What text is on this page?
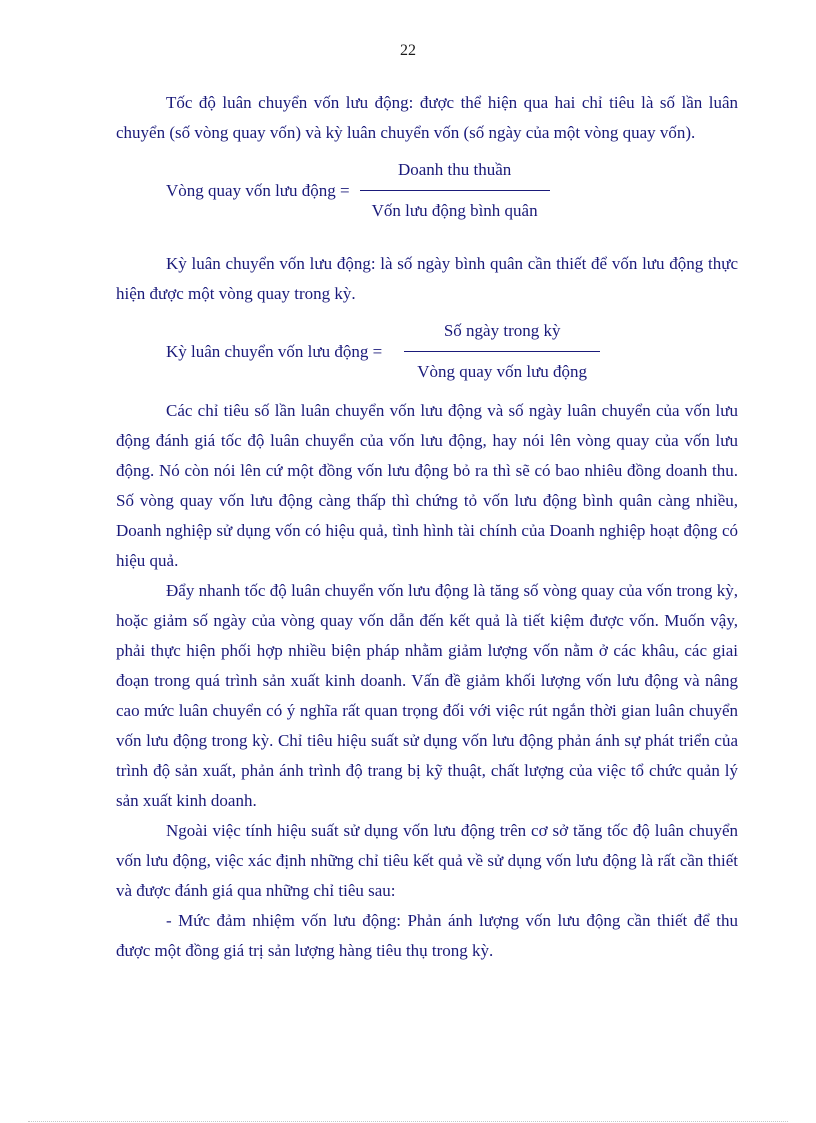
22

Tốc độ luân chuyển vốn lưu động: được thể hiện qua hai chỉ tiêu là số lần luân chuyển (số vòng quay vốn) và kỳ luân chuyển vốn (số ngày của một vòng quay vốn).

Vòng quay vốn lưu động = $\frac{\text{Doanh thu thuần}}{\text{Vốn lưu động bình quân}}$

Kỳ luân chuyển vốn lưu động: là số ngày bình quân cần thiết để vốn lưu động thực hiện được một vòng quay trong kỳ.

Kỳ luân chuyển vốn lưu động = $\frac{\text{Số ngày trong kỳ}}{\text{Vòng quay vốn lưu động}}$

Các chỉ tiêu số lần luân chuyển vốn lưu động và số ngày luân chuyển của vốn lưu động đánh giá tốc độ luân chuyển của vốn lưu động, hay nói lên vòng quay của vốn lưu động. Nó còn nói lên cứ một đồng vốn lưu động bỏ ra thì sẽ có bao nhiêu đồng doanh thu. Số vòng quay vốn lưu động càng thấp thì chứng tỏ vốn lưu động bình quân càng nhiều, Doanh nghiệp sử dụng vốn có hiệu quả, tình hình tài chính của Doanh nghiệp hoạt động có hiệu quả.

Đẩy nhanh tốc độ luân chuyển vốn lưu động là tăng số vòng quay của vốn trong kỳ, hoặc giảm số ngày của vòng quay vốn dẫn đến kết quả là tiết kiệm được vốn. Muốn vậy, phải thực hiện phối hợp nhiều biện pháp nhằm giảm lượng vốn nằm ở các khâu, các giai đoạn trong quá trình sản xuất kinh doanh. Vấn đề giảm khối lượng vốn lưu động và nâng cao mức luân chuyển có ý nghĩa rất quan trọng đối với việc rút ngắn thời gian luân chuyển vốn lưu động trong kỳ. Chỉ tiêu hiệu suất sử dụng vốn lưu động phản ánh sự phát triển của trình độ sản xuất, phản ánh trình độ trang bị kỹ thuật, chất lượng của việc tổ chức quản lý sản xuất kinh doanh.

Ngoài việc tính hiệu suất sử dụng vốn lưu động trên cơ sở tăng tốc độ luân chuyển vốn lưu động, việc xác định những chỉ tiêu kết quả về sử dụng vốn lưu động là rất cần thiết và được đánh giá qua những chỉ tiêu sau:

- Mức đảm nhiệm vốn lưu động: Phản ánh lượng vốn lưu động cần thiết để thu được một đồng giá trị sản lượng hàng tiêu thụ trong kỳ.
